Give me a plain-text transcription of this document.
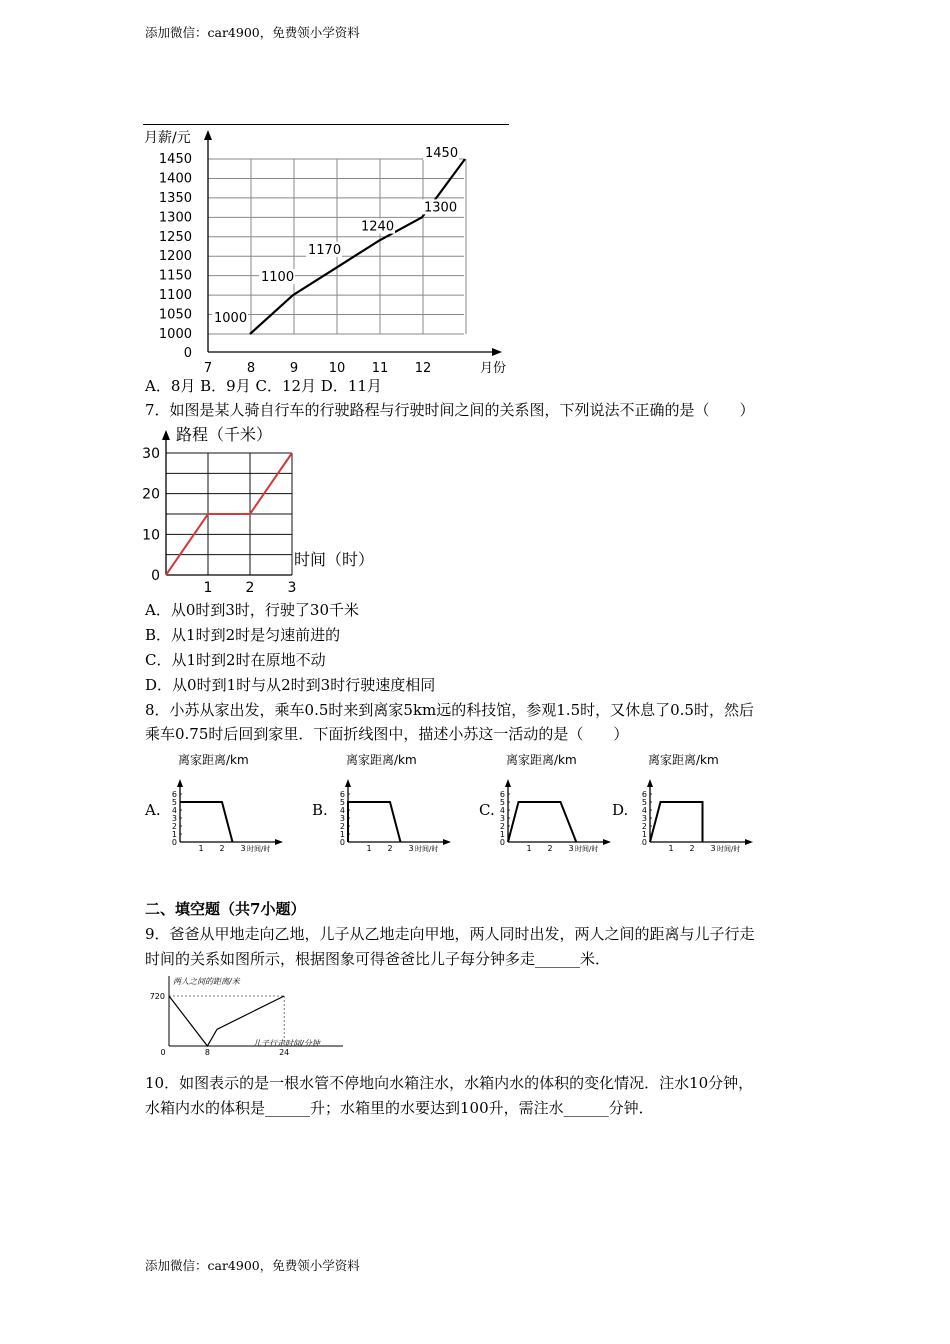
添加微信：car4900，免费领小学资料
0
1000
1050
1100
1150
1200
1250
1300
1350
1400
1450
7	8	9 10 11 12
月薪/元
月份
1000
1100
1170
1240
1300
1450
A．8月 B．9月 C．12月 D．11月
7．如图是某人骑自行车的行驶路程与行驶时间之间的关系图，下列说法不正确的是（　　）
0
10
20
30
1 2 3
路程（千米）
时间（时）
A．从0时到3时，行驶了30千米
B．从1时到2时是匀速前进的
C．从1时到2时在原地不动
D．从0时到1时与从2时到3时行驶速度相同
8．小苏从家出发，乘车0.5时来到离家5km远的科技馆，参观1.5时，又休息了0.5时，然后
乘车0.75时后回到家里．下面折线图中，描述小苏这一活动的是（　　）
A.	B.	C.	D.
离家距离/km
0
1
2
3
4
5
6
1 2 3 时间/时
离家距离/km
0
1
2
3
4
5
6
1 2 3 时间/时
离家距离/km
0
1
2
3
4
5
6
1 2 3 时间/时
离家距离/km
0
1
2
3
4
5
6
1 2 3 时间/时
二、填空题（共7小题）
9．爸爸从甲地走向乙地，儿子从乙地走向甲地，两人同时出发，两人之间的距离与儿子行走
时间的关系如图所示，根据图象可得爸爸比儿子每分钟多走______米．
两人之间的距离/米
儿子行走时间/分钟
720
0	8	24
10．如图表示的是一根水管不停地向水箱注水，水箱内水的体积的变化情况．注水10分钟，
水箱内水的体积是______升；水箱里的水要达到100升，需注水______分钟．
添加微信：car4900，免费领小学资料
